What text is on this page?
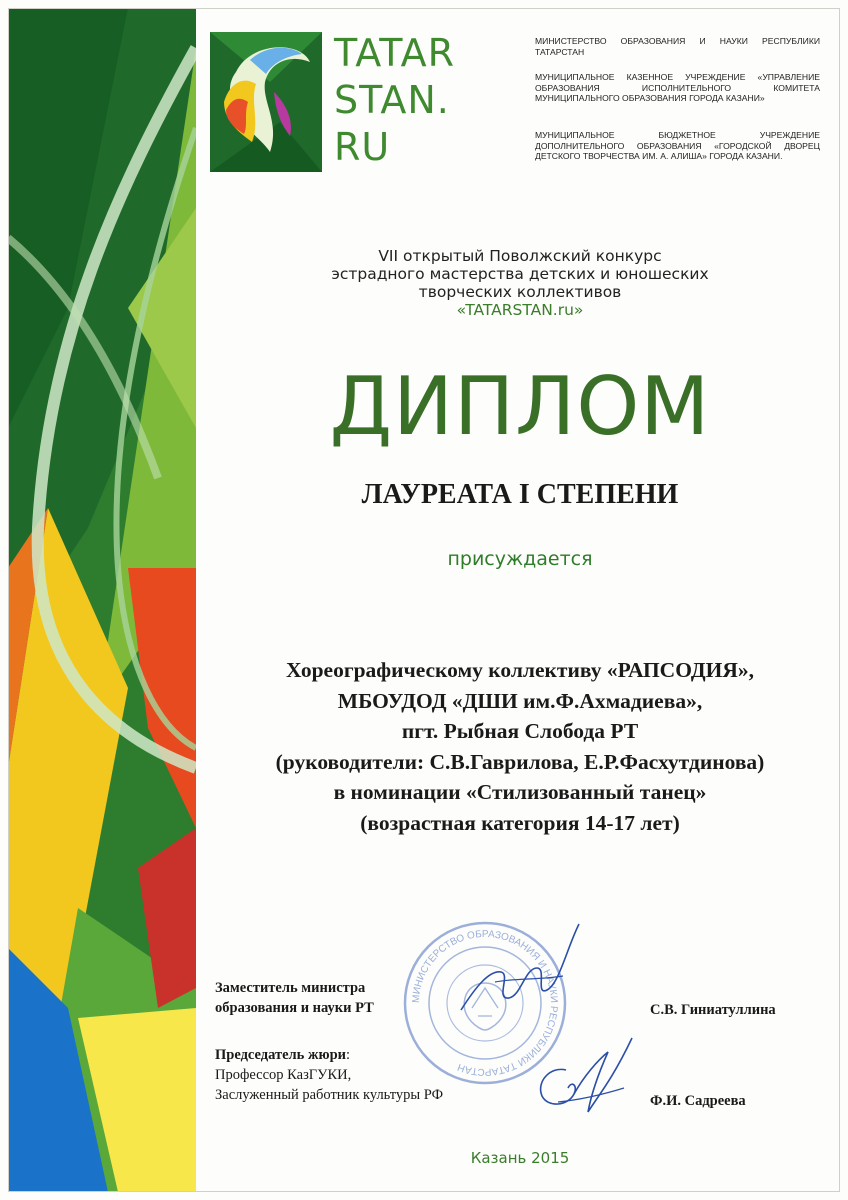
TATAR
STAN.
RU
МИНИСТЕРСТВО ОБРАЗОВАНИЯ И НАУКИ РЕСПУБЛИКИ ТАТАРСТАН
МУНИЦИПАЛЬНОЕ КАЗЕННОЕ УЧРЕЖДЕНИЕ «УПРАВЛЕНИЕ ОБРАЗОВАНИЯ ИСПОЛНИТЕЛЬНОГО КОМИТЕТА МУНИЦИПАЛЬНОГО ОБРАЗОВАНИЯ ГОРОДА КАЗАНИ»
МУНИЦИПАЛЬНОЕ БЮДЖЕТНОЕ УЧРЕЖДЕНИЕ ДОПОЛНИТЕЛЬНОГО ОБРАЗОВАНИЯ «ГОРОДСКОЙ ДВОРЕЦ ДЕТСКОГО ТВОРЧЕСТВА ИМ. А. АЛИША» ГОРОДА КАЗАНИ.
VII открытый Поволжский конкурс
эстрадного мастерства детских и юношеских
творческих коллективов
«TATARSTAN.ru»
ДИПЛОМ
ЛАУРЕАТА I СТЕПЕНИ
присуждается
Хореографическому коллективу «РАПСОДИЯ»,
МБОУДОД «ДШИ им.Ф.Ахмадиева»,
пгт. Рыбная Слобода РТ
(руководители: С.В.Гаврилова, Е.Р.Фасхутдинова)
в номинации «Стилизованный танец»
(возрастная категория 14-17 лет)
МИНИСТЕРСТВО ОБРАЗОВАНИЯ И НАУКИ РЕСПУБЛИКИ ТАТАРСТАН
Заместитель министра
образования и науки РТ	С.В. Гиниатуллина
Председатель жюри:
Профессор КазГУКИ,
Заслуженный работник культуры РФ	Ф.И. Садреева
Казань 2015
